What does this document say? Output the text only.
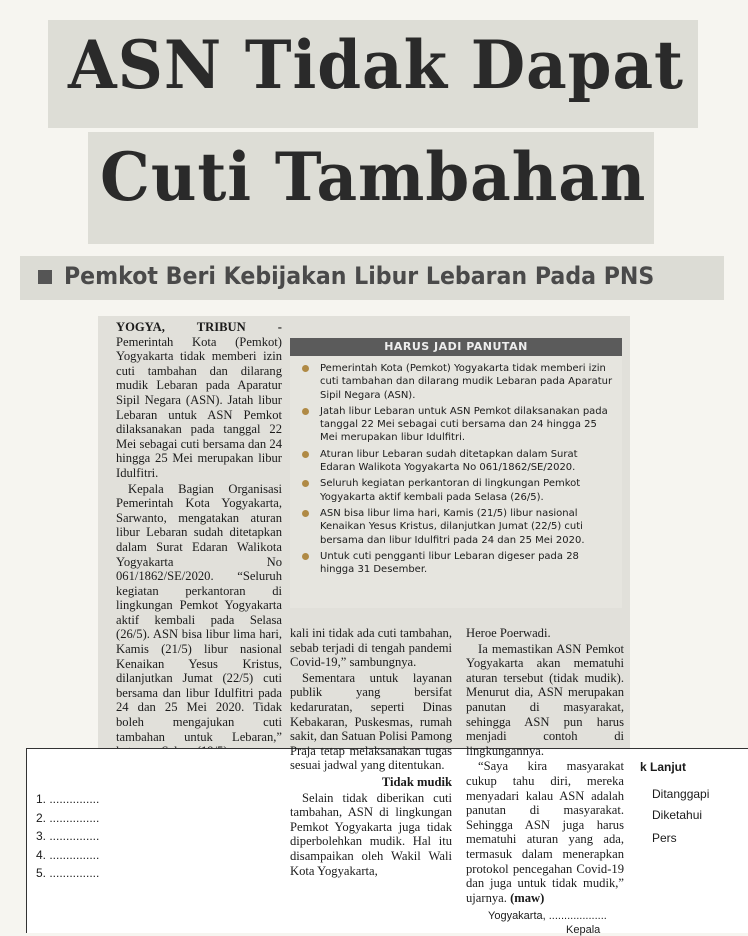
ASN Tidak Dapat
Cuti Tambahan
Pemkot Beri Kebijakan Libur Lebaran Pada PNS

YOGYA, TRIBUN - Pemerintah Kota (Pemkot) Yogyakarta tidak memberi izin cuti tambahan dan dilarang mudik Lebaran pada Aparatur Sipil Negara (ASN). Jatah libur Lebaran untuk ASN Pemkot dilaksanakan pada tanggal 22 Mei sebagai cuti bersama dan 24 hingga 25 Mei merupakan libur Idulfitri.

Kepala Bagian Organisasi Pemerintah Kota Yogyakarta, Sarwanto, mengatakan aturan libur Lebaran sudah ditetapkan dalam Surat Edaran Walikota Yogyakarta No 061/1862/SE/2020. “Seluruh kegiatan perkantoran di lingkungan Pemkot Yogyakarta aktif kembali pada Selasa (26/5). ASN bisa libur lima hari, Kamis (21/5) libur nasional Kenaikan Yesus Kristus, dilanjutkan Jumat (22/5) cuti bersama dan libur Idulfitri pada 24 dan 25 Mei 2020. Tidak boleh mengajukan cuti tambahan untuk Lebaran,”

HARUS JADI PANUTAN
Pemerintah Kota (Pemkot) Yogyakarta tidak memberi izin cuti tambahan dan dilarang mudik Lebaran pada Aparatur Sipil Negara (ASN).
Jatah libur Lebaran untuk ASN Pemkot dilaksanakan pada tanggal 22 Mei sebagai cuti bersama dan 24 hingga 25 Mei merupakan libur Idulfitri.
Aturan libur Lebaran sudah ditetapkan dalam Surat Edaran Walikota Yogyakarta No 061/1862/SE/2020.
Seluruh kegiatan perkantoran di lingkungan Pemkot Yogyakarta aktif kembali pada Selasa (26/5).
ASN bisa libur lima hari, Kamis (21/5) libur nasional Kenaikan Yesus Kristus, dilanjutkan Jumat (22/5) cuti bersama dan libur Idulfitri pada 24 dan 25 Mei 2020.
Untuk cuti pengganti libur Lebaran digeser pada 28 hingga 31 Desember.
1. ...............
2. ...............
3. ...............
4. ...............
5. ...............
k Lanjut
Ditanggapi
Diketahui
Pers
Yogyakarta, ...................
Kepala

kali ini tidak ada cuti tambahan, sebab terjadi di tengah pandemi Covid-19,” sambungnya.

Sementara untuk layanan publik yang bersifat kedaruratan, seperti Dinas Kebakaran, Puskesmas, rumah sakit, dan Satuan Polisi Pamong Praja tetap melaksanakan tugas sesuai jadwal yang ditentukan.

Tidak mudik

Selain tidak diberikan cuti tambahan, ASN di lingkungan Pemkot Yogyakarta juga tidak diperbolehkan mudik. Hal itu disampaikan oleh Wakil Wali Kota Yogyakarta,

Heroe Poerwadi.

Ia memastikan ASN Pemkot Yogyakarta akan mematuhi aturan tersebut (tidak mudik). Menurut dia, ASN merupakan panutan di masyarakat, sehingga ASN pun harus menjadi contoh di lingkungannya.

“Saya kira masyarakat cukup tahu diri, mereka menyadari kalau ASN adalah panutan di masyarakat. Sehingga ASN juga harus mematuhi aturan yang ada, termasuk dalam menerapkan protokol pencegahan Covid-19 dan juga untuk tidak mudik,” ujarnya. (maw)
